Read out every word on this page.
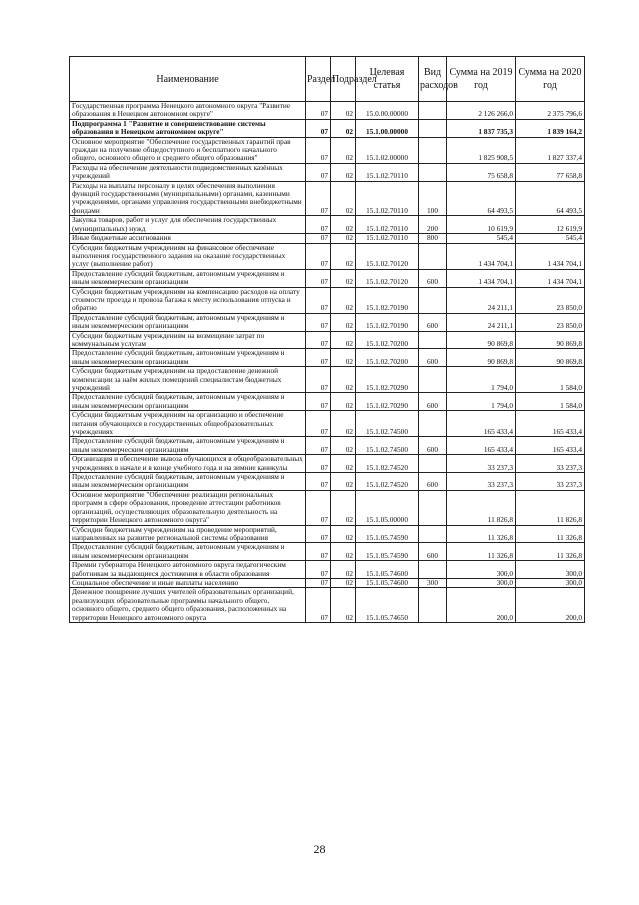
Наименование	Раздел	Подраздел	Целевая статья	Вид расходов	Сумма на 2019 год	Сумма на 2020 год
Государственная программа Ненецкого автономного округа "Развитие образования в Ненецком автономном округе"	07	02	15.0.00.00000		2 126 266,0	2 375 796,6
Подпрограмма 1 "Развитие и совершенствование системы образования в Ненецком автономном округе"	07	02	15.1.00.00000		1 837 735,3	1 839 164,2
Основное мероприятие "Обеспечение государственных гарантий прав граждан на получение общедоступного и бесплатного начального общего, основного общего и среднего общего образования"	07	02	15.1.02.00000		1 825 908,5	1 827 337,4
Расходы на обеспечение деятельности подведомственных казённых учреждений	07	02	15.1.02.70110		75 658,8	77 658,8
Расходы на выплаты персоналу в целях обеспечения выполнения функций государственными (муниципальными) органами, казенными учреждениями, органами управления государственными внебюджетными фондами	07	02	15.1.02.70110	100	64 493,5	64 493,5
Закупка товаров, работ и услуг для обеспечения государственных (муниципальных) нужд	07	02	15.1.02.70110	200	10 619,9	12 619,9
Иные бюджетные ассигнования	07	02	15.1.02.70110	800	545,4	545,4
Субсидии бюджетным учреждениям на финансовое обеспечение выполнения государственного задания на оказание государственных услуг (выполнение работ)	07	02	15.1.02.70120		1 434 704,1	1 434 704,1
Предоставление субсидий бюджетным, автономным учреждениям и иным некоммерческим организациям	07	02	15.1.02.70120	600	1 434 704,1	1 434 704,1
Субсидии бюджетным учреждениям на компенсацию расходов на оплату стоимости проезда и провоза багажа к месту использования отпуска и обратно	07	02	15.1.02.70190		24 211,1	23 850,0
Предоставление субсидий бюджетным, автономным учреждениям и иным некоммерческим организациям	07	02	15.1.02.70190	600	24 211,1	23 850,0
Субсидии бюджетным учреждениям на возмещение затрат по коммунальным услугам	07	02	15.1.02.70200		90 869,8	90 869,8
Предоставление субсидий бюджетным, автономным учреждениям и иным некоммерческим организациям	07	02	15.1.02.70200	600	90 869,8	90 869,8
Субсидии бюджетным учреждениям на предоставление денежной компенсации за наём жилых помещений специалистам бюджетных учреждений	07	02	15.1.02.70290		1 794,0	1 584,0
Предоставление субсидий бюджетным, автономным учреждениям и иным некоммерческим организациям	07	02	15.1.02.70290	600	1 794,0	1 584,0
Субсидии бюджетным учреждениям на организацию и обеспечение питания обучающихся в государственных общеобразовательных учреждениях	07	02	15.1.02.74500		165 433,4	165 433,4
Предоставление субсидий бюджетным, автономным учреждениям и иным некоммерческим организациям	07	02	15.1.02.74500	600	165 433,4	165 433,4
Организация и обеспечение вывоза обучающихся в общеобразовательных учреждениях в начале и в конце учебного года и на зимние каникулы	07	02	15.1.02.74520		33 237,3	33 237,3
Предоставление субсидий бюджетным, автономным учреждениям и иным некоммерческим организациям	07	02	15.1.02.74520	600	33 237,3	33 237,3
Основное мероприятие "Обеспечение реализации региональных программ в сфере образования, проведение аттестации работников организаций, осуществляющих образовательную деятельность на территории Ненецкого автономного округа"	07	02	15.1.05.00000		11 826,8	11 826,8
Субсидии бюджетным учреждениям на проведение мероприятий, направленных на развитие региональной системы образования	07	02	15.1.05.74590		11 326,8	11 326,8
Предоставление субсидий бюджетным, автономным учреждениям и иным некоммерческим организациям	07	02	15.1.05.74590	600	11 326,8	11 326,8
Премии губернатора Ненецкого автономного округа педагогическим работникам за выдающиеся достижения в области образования	07	02	15.1.05.74600		300,0	300,0
Социальное обеспечение и иные выплаты населению	07	02	15.1.05.74600	300	300,0	300,0
Денежное поощрение лучших учителей образовательных организаций, реализующих образовательные программы начального общего, основного общего, среднего общего образования, расположенных на территории Ненецкого автономного округа	07	02	15.1.05.74650		200,0	200,0
28
